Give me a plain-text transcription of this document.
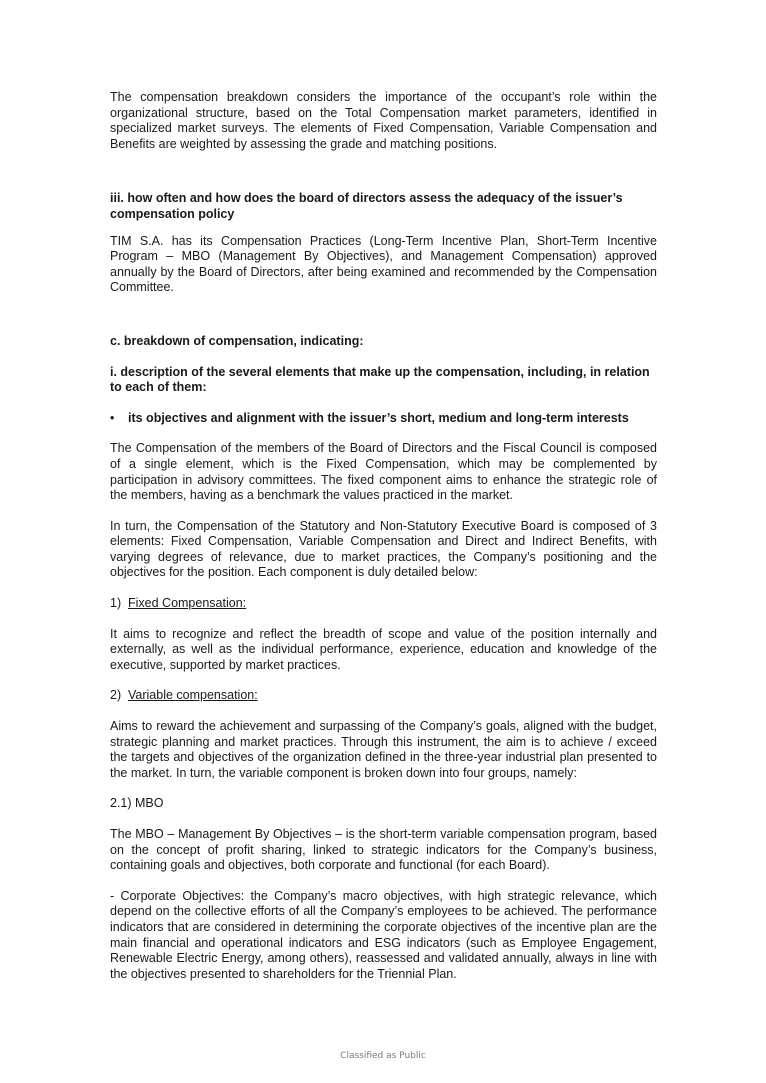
The compensation breakdown considers the importance of the occupant’s role within the organizational structure, based on the Total Compensation market parameters, identified in specialized market surveys. The elements of Fixed Compensation, Variable Compensation and Benefits are weighted by assessing the grade and matching positions.

iii. how often and how does the board of directors assess the adequacy of the issuer’s compensation policy

TIM S.A. has its Compensation Practices (Long-Term Incentive Plan, Short-Term Incentive Program – MBO (Management By Objectives), and Management Compensation) approved annually by the Board of Directors, after being examined and recommended by the Compensation Committee.

c. breakdown of compensation, indicating:

i. description of the several elements that make up the compensation, including, in relation to each of them:

•	its objectives and alignment with the issuer’s short, medium and long-term interests

The Compensation of the members of the Board of Directors and the Fiscal Council is composed of a single element, which is the Fixed Compensation, which may be complemented by participation in advisory committees. The fixed component aims to enhance the strategic role of the members, having as a benchmark the values practiced in the market.

In turn, the Compensation of the Statutory and Non-Statutory Executive Board is composed of 3 elements: Fixed Compensation, Variable Compensation and Direct and Indirect Benefits, with varying degrees of relevance, due to market practices, the Company’s positioning and the objectives for the position. Each component is duly detailed below:

1) Fixed Compensation:

It aims to recognize and reflect the breadth of scope and value of the position internally and externally, as well as the individual performance, experience, education and knowledge of the executive, supported by market practices.

2) Variable compensation:

Aims to reward the achievement and surpassing of the Company’s goals, aligned with the budget, strategic planning and market practices. Through this instrument, the aim is to achieve / exceed the targets and objectives of the organization defined in the three-year industrial plan presented to the market. In turn, the variable component is broken down into four groups, namely:

2.1) MBO

The MBO – Management By Objectives – is the short-term variable compensation program, based on the concept of profit sharing, linked to strategic indicators for the Company’s business, containing goals and objectives, both corporate and functional (for each Board).

- Corporate Objectives: the Company’s macro objectives, with high strategic relevance, which depend on the collective efforts of all the Company’s employees to be achieved. The performance indicators that are considered in determining the corporate objectives of the incentive plan are the main financial and operational indicators and ESG indicators (such as Employee Engagement, Renewable Electric Energy, among others), reassessed and validated annually, always in line with the objectives presented to shareholders for the Triennial Plan.

Classified as Public
